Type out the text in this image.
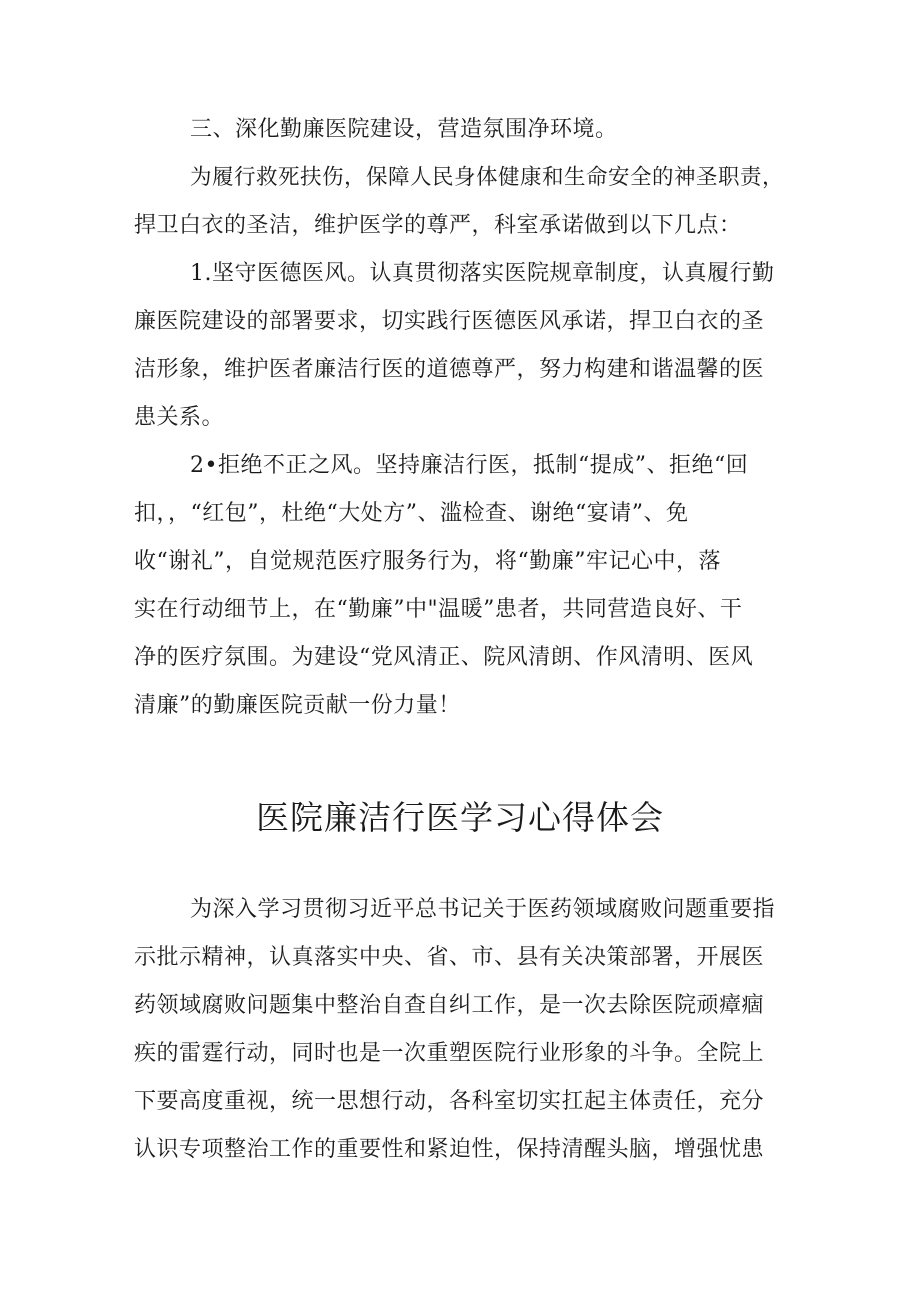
三、深化勤廉医院建设，营造氛围净环境。
为履行救死扶伤，保障人民身体健康和生命安全的神圣职责，
捍卫白衣的圣洁，维护医学的尊严，科室承诺做到以下几点：
1.坚守医德医风。认真贯彻落实医院规章制度，认真履行勤
廉医院建设的部署要求，切实践行医德医风承诺，捍卫白衣的圣
洁形象，维护医者廉洁行医的道德尊严，努力构建和谐温馨的医
患关系。
2•拒绝不正之风。坚持廉洁行医，抵制“提成”、拒绝“回
扣，，“红包”，杜绝“大处方”、滥检查、谢绝“宴请”、免
收“谢礼”，自觉规范医疗服务行为，将“勤廉”牢记心中，落
实在行动细节上，在“勤廉”中"温暖”患者，共同营造良好、干
净的医疗氛围。为建设“党风清正、院风清朗、作风清明、医风
清廉”的勤廉医院贡献一份力量！
医院廉洁行医学习心得体会
为深入学习贯彻习近平总书记关于医药领域腐败问题重要指
示批示精神，认真落实中央、省、市、县有关决策部署，开展医
药领域腐败问题集中整治自查自纠工作，是一次去除医院顽瘴痼
疾的雷霆行动，同时也是一次重塑医院行业形象的斗争。全院上
下要高度重视，统一思想行动，各科室切实扛起主体责任，充分
认识专项整治工作的重要性和紧迫性，保持清醒头脑，增强忧患
